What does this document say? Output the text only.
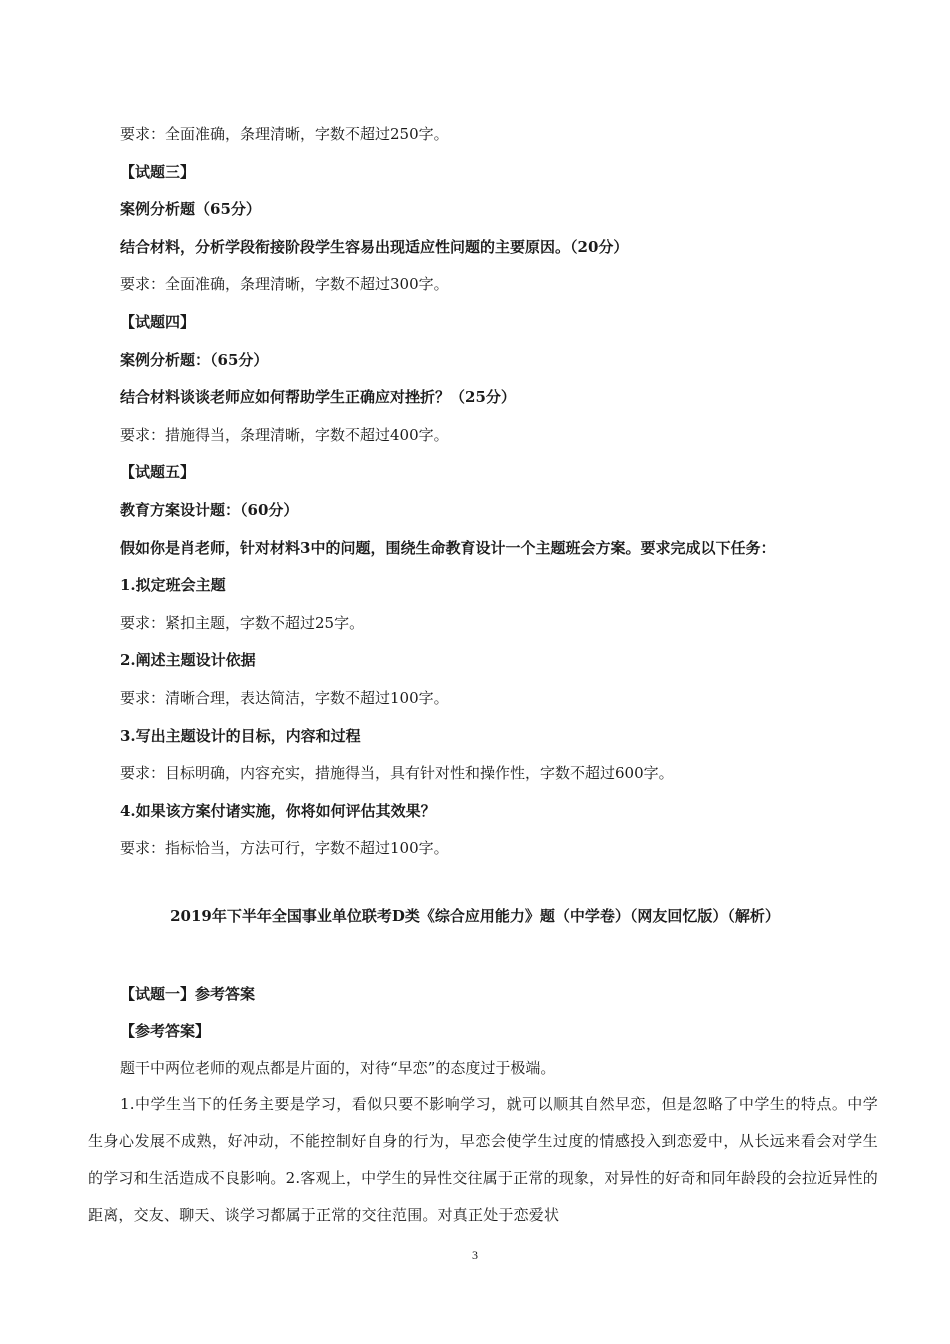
要求：全面准确，条理清晰，字数不超过250字。
【试题三】
案例分析题（65分）
结合材料，分析学段衔接阶段学生容易出现适应性问题的主要原因。（20分）
要求：全面准确，条理清晰，字数不超过300字。
【试题四】
案例分析题：（65分）
结合材料谈谈老师应如何帮助学生正确应对挫折？（25分）
要求：措施得当，条理清晰，字数不超过400字。
【试题五】
教育方案设计题：（60分）
假如你是肖老师，针对材料3中的问题，围绕生命教育设计一个主题班会方案。要求完成以下任务：
1.拟定班会主题
要求：紧扣主题，字数不超过25字。
2.阐述主题设计依据
要求：清晰合理，表达简洁，字数不超过100字。
3.写出主题设计的目标，内容和过程
要求：目标明确，内容充实，措施得当，具有针对性和操作性，字数不超过600字。
4.如果该方案付诸实施，你将如何评估其效果？
要求：指标恰当，方法可行，字数不超过100字。
2019年下半年全国事业单位联考D类《综合应用能力》题（中学卷）（网友回忆版）（解析）
【试题一】参考答案
【参考答案】
题干中两位老师的观点都是片面的，对待“早恋”的态度过于极端。
1.中学生当下的任务主要是学习，看似只要不影响学习，就可以顺其自然早恋，但是忽略了中学生的特点。中学生身心发展不成熟，好冲动，不能控制好自身的行为，早恋会使学生过度的情感投入到恋爱中，从长远来看会对学生的学习和生活造成不良影响。2.客观上，中学生的异性交往属于正常的现象，对异性的好奇和同年龄段的会拉近异性的距离，交友、聊天、谈学习都属于正常的交往范围。对真正处于恋爱状
3
